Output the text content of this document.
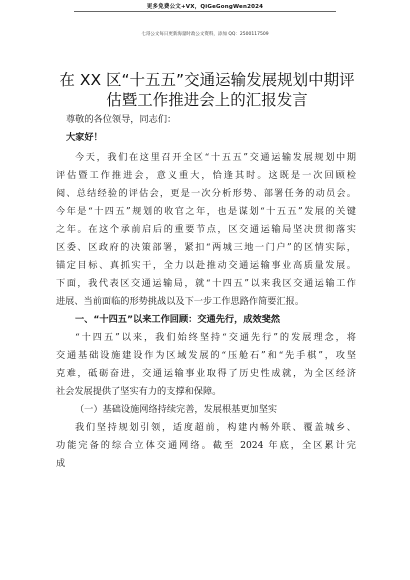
更多免费公文+VX，QiGeGongWen2024
七哥公文每日更新海量时政公文资料，添加 QQ：2500117509
在 XX 区“十五五”交通运输发展规划中期评
估暨工作推进会上的汇报发言
尊敬的各位领导，同志们：
大家好！
今天，我们在这里召开全区“十五五”交通运输发展规划中期
评估暨工作推进会，意义重大，恰逢其时。这既是一次回顾检
阅、总结经验的评估会，更是一次分析形势、部署任务的动员会。
今年是“十四五”规划的收官之年，也是谋划“十五五”发展的关键
之年。在这个承前启后的重要节点，区交通运输局坚决贯彻落实
区委、区政府的决策部署，紧扣“两城三地一门户”的区情实际，
锚定目标、真抓实干，全力以赴推动交通运输事业高质量发展。
下面，我代表区交通运输局，就“十四五”以来我区交通运输工作
进展、当前面临的形势挑战以及下一步工作思路作简要汇报。
一、“十四五”以来工作回顾：交通先行，成效斐然
“十四五”以来，我们始终坚持“交通先行”的发展理念，将
交通基础设施建设作为区域发展的“压舱石”和“先手棋”，攻坚
克难，砥砺奋进，交通运输事业取得了历史性成就，为全区经济
社会发展提供了坚实有力的支撑和保障。
（一）基础设施网络持续完善，发展根基更加坚实
我们坚持规划引领，适度超前，构建内畅外联、覆盖城乡、
功能完备的综合立体交通网络。截至 2024 年底，全区累计完
成
